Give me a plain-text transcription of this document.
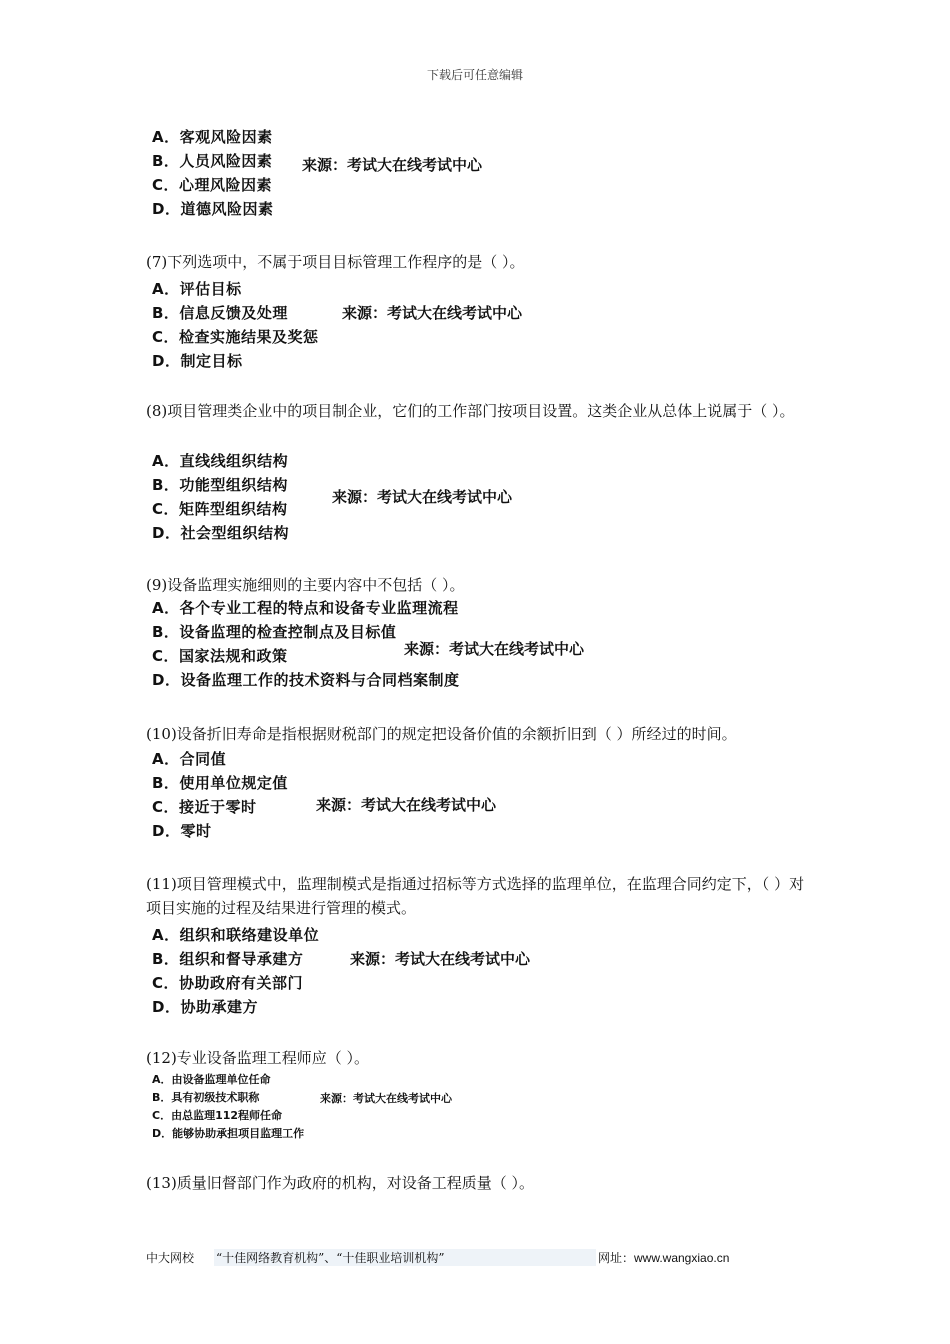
下载后可任意编辑
A．客观风险因素
B．人员风险因素
C．心理风险因素
D．道德风险因素
来源：考试大在线考试中心

(7)下列选项中，不属于项目目标管理工作程序的是（ ）。

A．评估目标
B．信息反馈及处理
C．检查实施结果及奖惩
D．制定目标
来源：考试大在线考试中心

(8)项目管理类企业中的项目制企业，它们的工作部门按项目设置。这类企业从总体上说属于（ ）。

A．直线线组织结构
B．功能型组织结构
C．矩阵型组织结构
D．社会型组织结构
来源：考试大在线考试中心

(9)设备监理实施细则的主要内容中不包括（ ）。

A．各个专业工程的特点和设备专业监理流程
B．设备监理的检查控制点及目标值
C．国家法规和政策
D．设备监理工作的技术资料与合同档案制度
来源：考试大在线考试中心

(10)设备折旧寿命是指根据财税部门的规定把设备价值的余额折旧到（ ）所经过的时间。

A．合同值
B．使用单位规定值
C．接近于零时
D．零时
来源：考试大在线考试中心

(11)项目管理模式中，监理制模式是指通过招标等方式选择的监理单位，在监理合同约定下，（ ）对项目实施的过程及结果进行管理的模式。

A．组织和联络建设单位
B．组织和督导承建方
C．协助政府有关部门
D．协助承建方
来源：考试大在线考试中心

(12)专业设备监理工程师应（ ）。

A．由设备监理单位任命
B．具有初级技术职称
C．由总监理112程师任命
D．能够协助承担项目监理工作
来源：考试大在线考试中心

(13)质量旧督部门作为政府的机构，对设备工程质量（ ）。

中大网校 “十佳网络教育机构”、“十佳职业培训机构”	网址：www.wangxiao.cn
